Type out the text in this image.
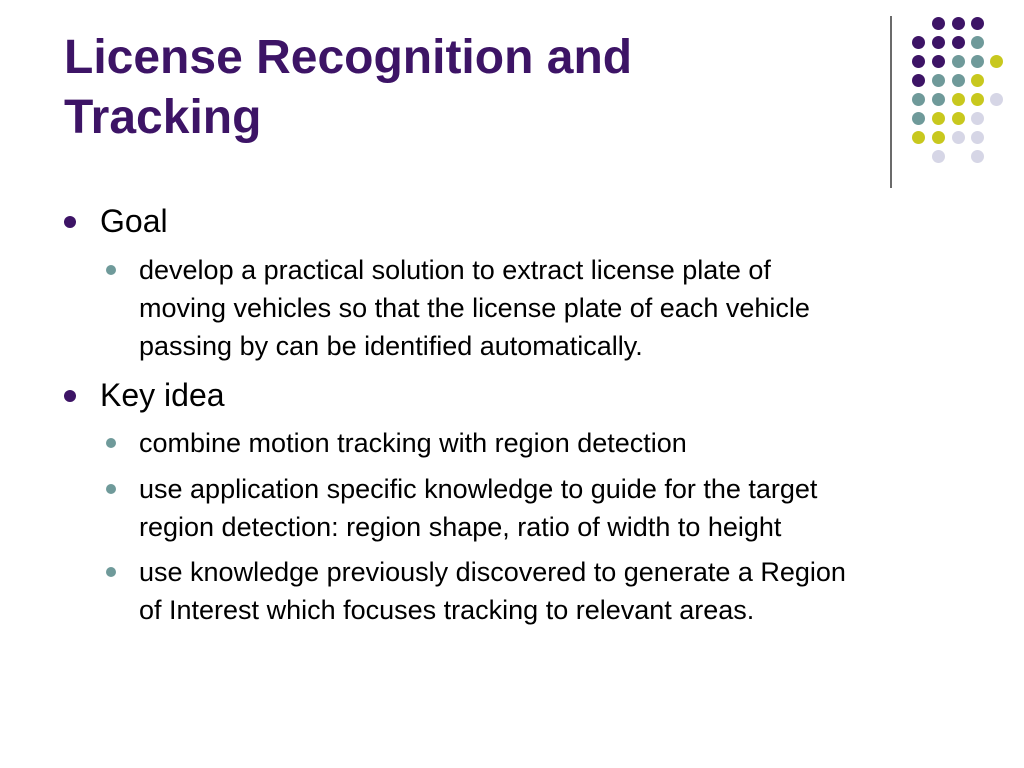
License Recognition and
Tracking
Goal
develop a practical solution to extract license plate of
moving vehicles so that the license plate of each vehicle
passing by can be identified automatically.
Key idea
combine motion tracking with region detection
use application specific knowledge to guide for the target
region detection: region shape, ratio of width to height
use knowledge previously discovered to generate a Region
of Interest which focuses tracking to relevant areas.
